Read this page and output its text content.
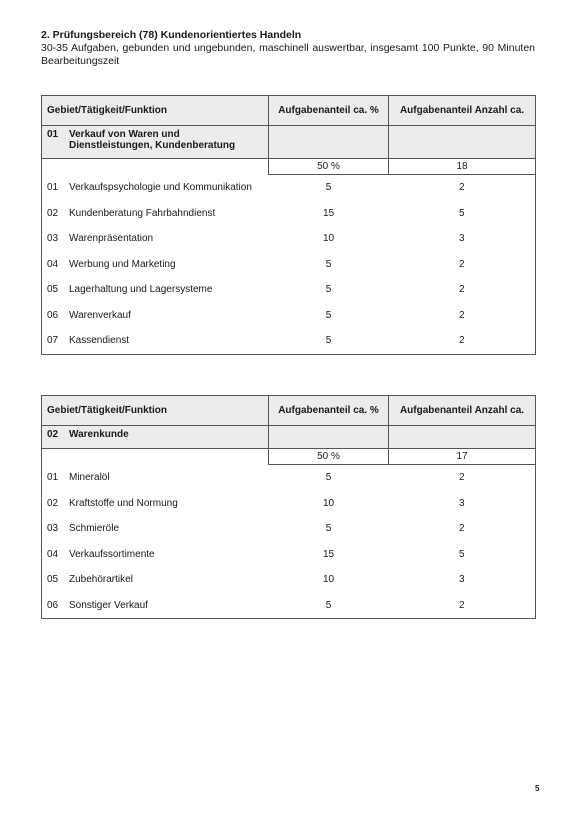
2. Prüfungsbereich (78) Kundenorientiertes Handeln
30-35 Aufgaben, gebunden und ungebunden, maschinell auswertbar, insgesamt 100 Punkte, 90 Minuten Bearbeitungszeit
Gebiet/Tätigkeit/Funktion	Aufgabenanteil ca. %	Aufgabenanteil Anzahl ca.

01 Verkauf von Waren und Dienstleistungen, Kundenberatung		

	50 %	18
01 Verkaufspsychologie und Kommunikation	5	2
02 Kundenberatung Fahrbahndienst	15	5
03 Warenpräsentation	10	3
04 Werbung und Marketing	5	2
05 Lagerhaltung und Lagersysteme	5	2
06 Warenverkauf	5	2
07 Kassendienst	5	2
Gebiet/Tätigkeit/Funktion	Aufgabenanteil ca. %	Aufgabenanteil Anzahl ca.

02 Warenkunde		

	50 %	17
01 Mineralöl	5	2
02 Kraftstoffe und Normung	10	3
03 Schmieröle	5	2
04 Verkaufssortimente	15	5
05 Zubehörartikel	10	3
06 Sonstiger Verkauf	5	2
5
